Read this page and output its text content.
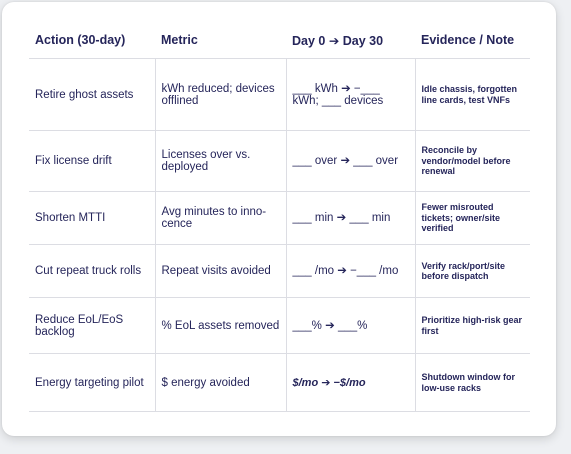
Action (30-day)	Metric	Day 0 ➔ Day 30	Evidence / Note
Retire ghost assets	kWh reduced; devices offlined	___ kWh ➔ −___ kWh; ___ devices	Idle chassis, forgotten line cards, test VNFs
Fix license drift	Licenses over vs. deployed	___ over ➔ ___ over	Reconcile by vendor/model before renewal
Shorten MTTI	Avg minutes to inno-cence	___ min ➔ ___ min	Fewer misrouted tickets; owner/site verified
Cut repeat truck rolls	Repeat visits avoided	___ /mo ➔ −___ /mo	Verify rack/port/site before dispatch
Reduce EoL/EoS backlog	% EoL assets removed	___% ➔ ___%	Prioritize high-risk gear first
Energy targeting pilot	$ energy avoided	$/mo ➔ −$/mo	Shutdown window for low-use racks
